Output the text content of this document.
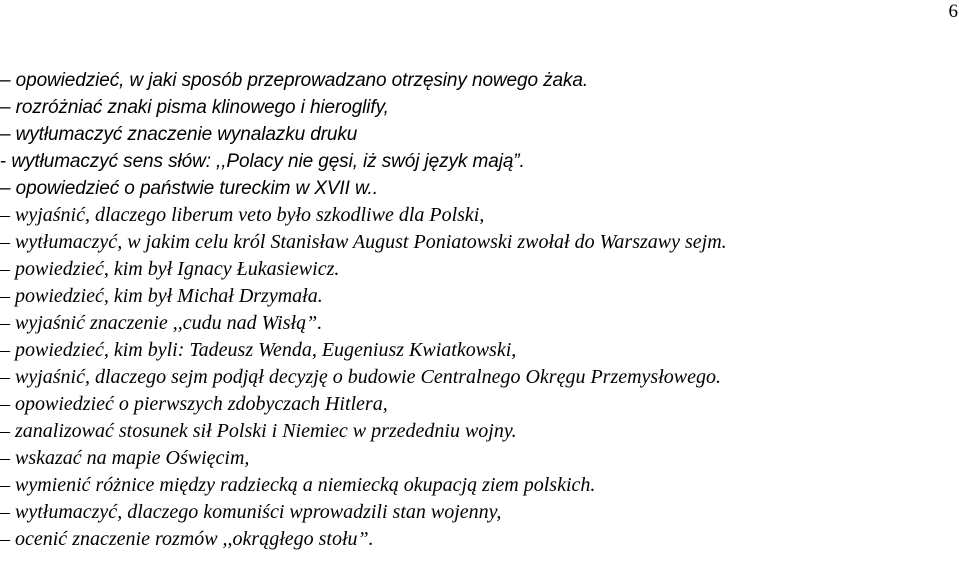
6
– opowiedzieć, w jaki sposób przeprowadzano otrzęsiny nowego żaka.
– rozróżniać znaki pisma klinowego i hieroglify,
– wytłumaczyć znaczenie wynalazku druku
- wytłumaczyć sens słów: ,,Polacy nie gęsi, iż swój język mają”.
– opowiedzieć o państwie tureckim w XVII w..
– wyjaśnić, dlaczego liberum veto było szkodliwe dla Polski,
– wytłumaczyć, w jakim celu król Stanisław August Poniatowski zwołał do Warszawy sejm.
– powiedzieć, kim był Ignacy Łukasiewicz.
– powiedzieć, kim był Michał Drzymała.
– wyjaśnić znaczenie ,,cudu nad Wisłą”.
– powiedzieć, kim byli: Tadeusz Wenda, Eugeniusz Kwiatkowski,
– wyjaśnić, dlaczego sejm podjął decyzję o budowie Centralnego Okręgu Przemysłowego.
– opowiedzieć o pierwszych zdobyczach Hitlera,
– zanalizować stosunek sił Polski i Niemiec w przededniu wojny.
– wskazać na mapie Oświęcim,
– wymienić różnice między radziecką a niemiecką okupacją ziem polskich.
– wytłumaczyć, dlaczego komuniści wprowadzili stan wojenny,
– ocenić znaczenie rozmów ,,okrągłego stołu”.
